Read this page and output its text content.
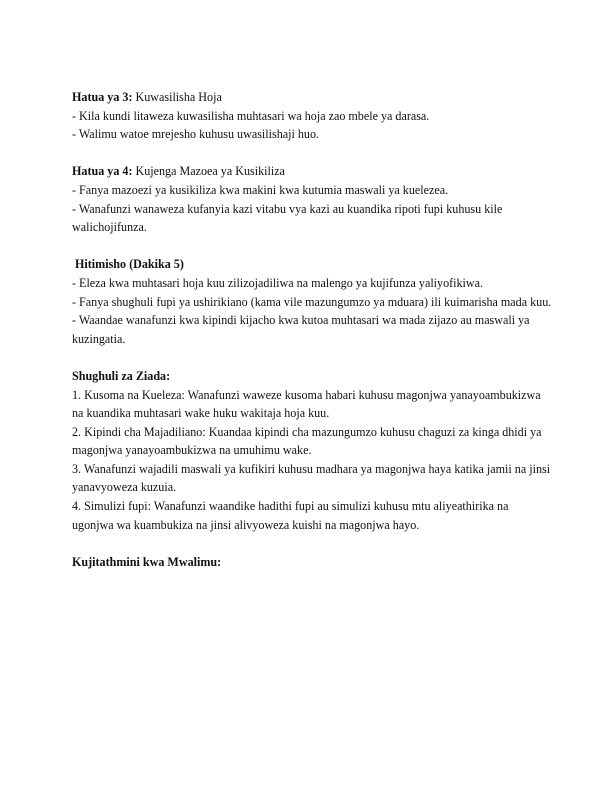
Hatua ya 3: Kuwasilisha Hoja
- Kila kundi litaweza kuwasilisha muhtasari wa hoja zao mbele ya darasa.
- Walimu watoe mrejesho kuhusu uwasilishaji huo.
Hatua ya 4: Kujenga Mazoea ya Kusikiliza
- Fanya mazoezi ya kusikiliza kwa makini kwa kutumia maswali ya kuelezea.
- Wanafunzi wanaweza kufanyia kazi vitabu vya kazi au kuandika ripoti fupi kuhusu kile walichojifunza.
Hitimisho (Dakika 5)
- Eleza kwa muhtasari hoja kuu zilizojadiliwa na malengo ya kujifunza yaliyofikiwa.
- Fanya shughuli fupi ya ushirikiano (kama vile mazungumzo ya mduara) ili kuimarisha mada kuu.
- Waandae wanafunzi kwa kipindi kijacho kwa kutoa muhtasari wa mada zijazo au maswali ya kuzingatia.
Shughuli za Ziada:
1. Kusoma na Kueleza: Wanafunzi waweze kusoma habari kuhusu magonjwa yanayoambukizwa na kuandika muhtasari wake huku wakitaja hoja kuu.
2. Kipindi cha Majadiliano: Kuandaa kipindi cha mazungumzo kuhusu chaguzi za kinga dhidi ya magonjwa yanayoambukizwa na umuhimu wake.
3. Wanafunzi wajadili maswali ya kufikiri kuhusu madhara ya magonjwa haya katika jamii na jinsi yanavyoweza kuzuia.
4. Simulizi fupi: Wanafunzi waandike hadithi fupi au simulizi kuhusu mtu aliyeathirika na ugonjwa wa kuambukiza na jinsi alivyoweza kuishi na magonjwa hayo.
Kujitathmini kwa Mwalimu:
